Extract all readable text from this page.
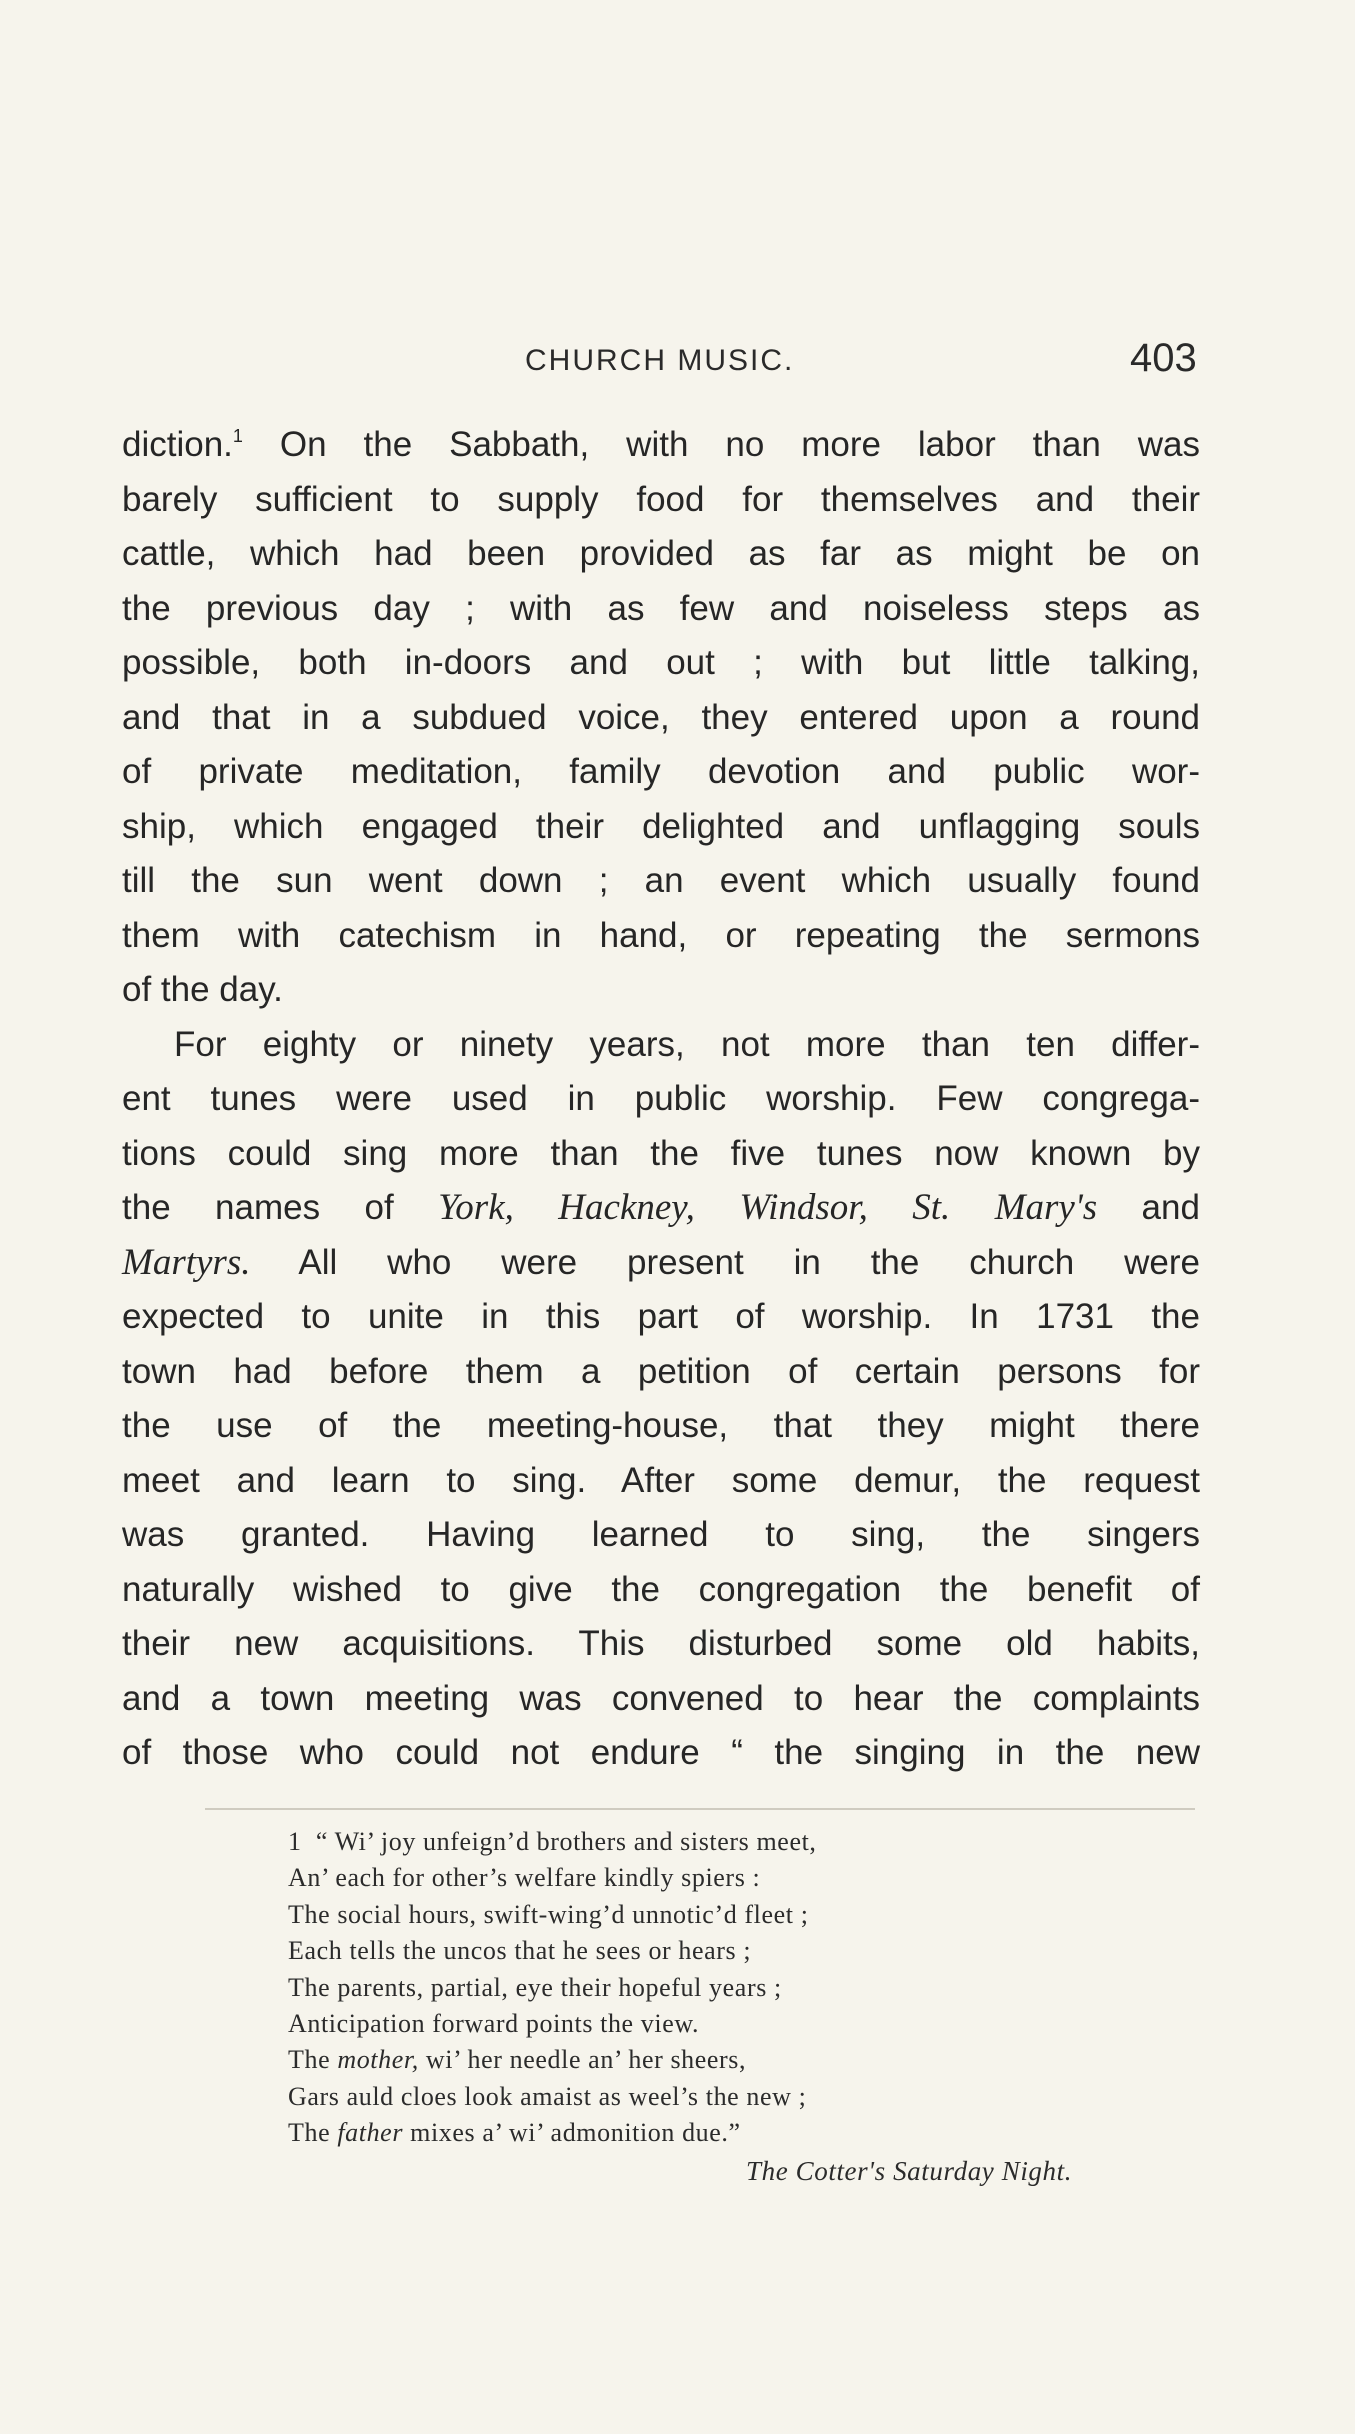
CHURCH MUSIC.	403
diction.$^1$ On the Sabbath, with no more labor than was
barely sufficient to supply food for themselves and their
cattle, which had been provided as far as might be on
the previous day ; with as few and noiseless steps as
possible, both in-doors and out ; with but little talking,
and that in a subdued voice, they entered upon a round
of private meditation, family devotion and public wor-
ship, which engaged their delighted and unflagging souls
till the sun went down ; an event which usually found
them with catechism in hand, or repeating the sermons
of the day.
For eighty or ninety years, not more than ten differ-
ent tunes were used in public worship. Few congrega-
tions could sing more than the five tunes now known by
the names of York, Hackney, Windsor, St. Mary's and
Martyrs. All who were present in the church were
expected to unite in this part of worship. In 1731 the
town had before them a petition of certain persons for
the use of the meeting-house, that they might there
meet and learn to sing. After some demur, the request
was granted. Having learned to sing, the singers
naturally wished to give the congregation the benefit of
their new acquisitions. This disturbed some old habits,
and a town meeting was convened to hear the complaints
of those who could not endure “ the singing in the new
1 “ Wi’ joy unfeign’d brothers and sisters meet,
An’ each for other’s welfare kindly spiers :
The social hours, swift-wing’d unnotic’d fleet ;
Each tells the uncos that he sees or hears ;
The parents, partial, eye their hopeful years ;
Anticipation forward points the view.
The mother, wi’ her needle an’ her sheers,
Gars auld cloes look amaist as weel’s the new ;
The father mixes a’ wi’ admonition due.”
The Cotter's Saturday Night.
